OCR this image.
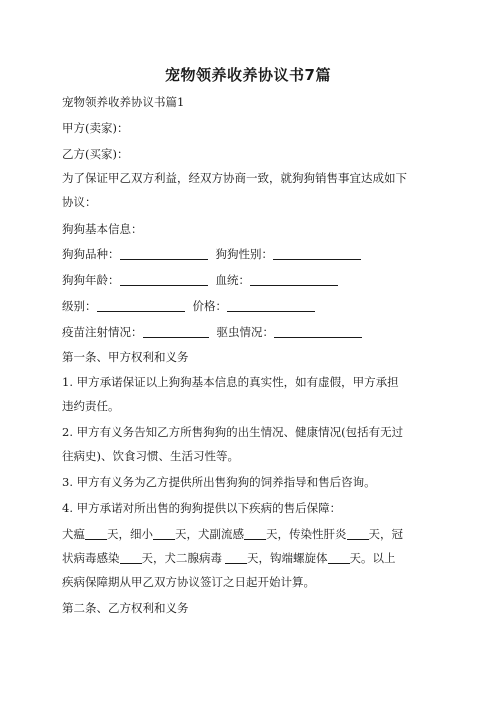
宠物领养收养协议书7篇
宠物领养收养协议书篇1
甲方(卖家)：
乙方(买家)：
为了保证甲乙双方利益，经双方协商一致，就狗狗销售事宜达成如下
协议：
狗狗基本信息：
狗狗品种：	狗狗性别：
狗狗年龄：	血统：
级别：	价格：
疫苗注射情况：	驱虫情况：
第一条、甲方权利和义务
1. 甲方承诺保证以上狗狗基本信息的真实性，如有虚假，甲方承担
违约责任。
2. 甲方有义务告知乙方所售狗狗的出生情况、健康情况(包括有无过
往病史)、饮食习惯、生活习性等。
3. 甲方有义务为乙方提供所出售狗狗的饲养指导和售后咨询。
4. 甲方承诺对所出售的狗狗提供以下疾病的售后保障：
犬瘟 天，细小 天，犬副流感 天，传染性肝炎 天，冠
状病毒感染 天，犬二腺病毒 天，钩端螺旋体 天。以上
疾病保障期从甲乙双方协议签订之日起开始计算。
第二条、乙方权利和义务
